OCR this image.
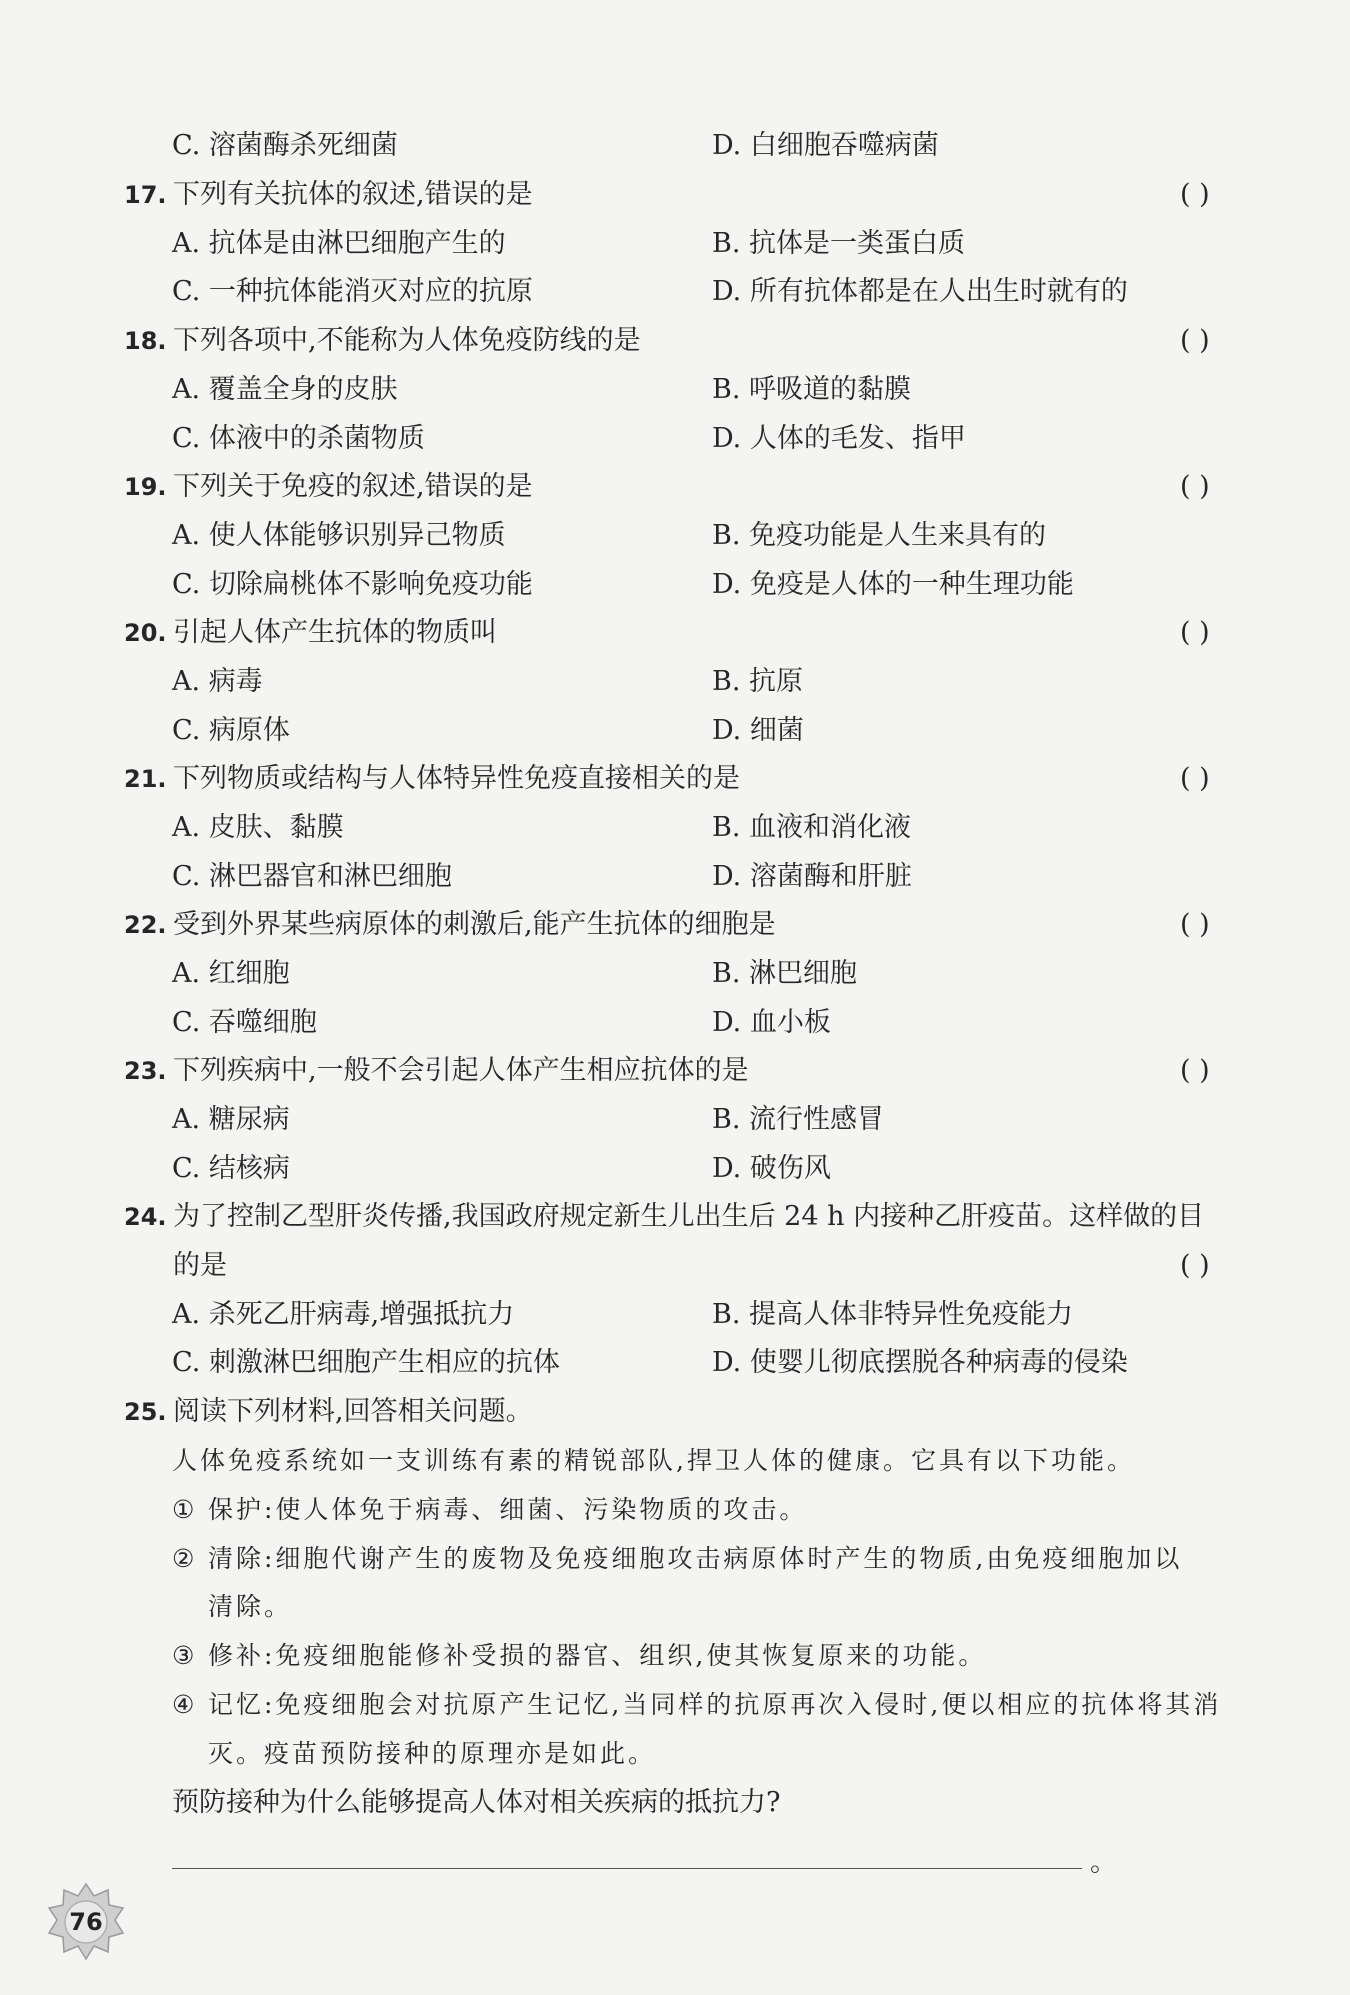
C. 溶菌酶杀死细菌	D. 白细胞吞噬病菌
17. 下列有关抗体的叙述,错误的是	( )
A. 抗体是由淋巴细胞产生的	B. 抗体是一类蛋白质
C. 一种抗体能消灭对应的抗原	D. 所有抗体都是在人出生时就有的
18. 下列各项中,不能称为人体免疫防线的是	( )
A. 覆盖全身的皮肤	B. 呼吸道的黏膜
C. 体液中的杀菌物质	D. 人体的毛发、指甲
19. 下列关于免疫的叙述,错误的是	( )
A. 使人体能够识别异己物质	B. 免疫功能是人生来具有的
C. 切除扁桃体不影响免疫功能	D. 免疫是人体的一种生理功能
20. 引起人体产生抗体的物质叫	( )
A. 病毒	B. 抗原
C. 病原体	D. 细菌
21. 下列物质或结构与人体特异性免疫直接相关的是	( )
A. 皮肤、黏膜	B. 血液和消化液
C. 淋巴器官和淋巴细胞	D. 溶菌酶和肝脏
22. 受到外界某些病原体的刺激后,能产生抗体的细胞是	( )
A. 红细胞	B. 淋巴细胞
C. 吞噬细胞	D. 血小板
23. 下列疾病中,一般不会引起人体产生相应抗体的是	( )
A. 糖尿病	B. 流行性感冒
C. 结核病	D. 破伤风
24. 为了控制乙型肝炎传播,我国政府规定新生儿出生后 24 h 内接种乙肝疫苗。这样做的目
的是	( )
A. 杀死乙肝病毒,增强抵抗力	B. 提高人体非特异性免疫能力
C. 刺激淋巴细胞产生相应的抗体	D. 使婴儿彻底摆脱各种病毒的侵染
25. 阅读下列材料,回答相关问题。
人体免疫系统如一支训练有素的精锐部队,捍卫人体的健康。它具有以下功能。
① 保护:使人体免于病毒、细菌、污染物质的攻击。
② 清除:细胞代谢产生的废物及免疫细胞攻击病原体时产生的物质,由免疫细胞加以
清除。
③ 修补:免疫细胞能修补受损的器官、组织,使其恢复原来的功能。
④ 记忆:免疫细胞会对抗原产生记忆,当同样的抗原再次入侵时,便以相应的抗体将其消
灭。疫苗预防接种的原理亦是如此。
预防接种为什么能够提高人体对相关疾病的抵抗力?
。
76
